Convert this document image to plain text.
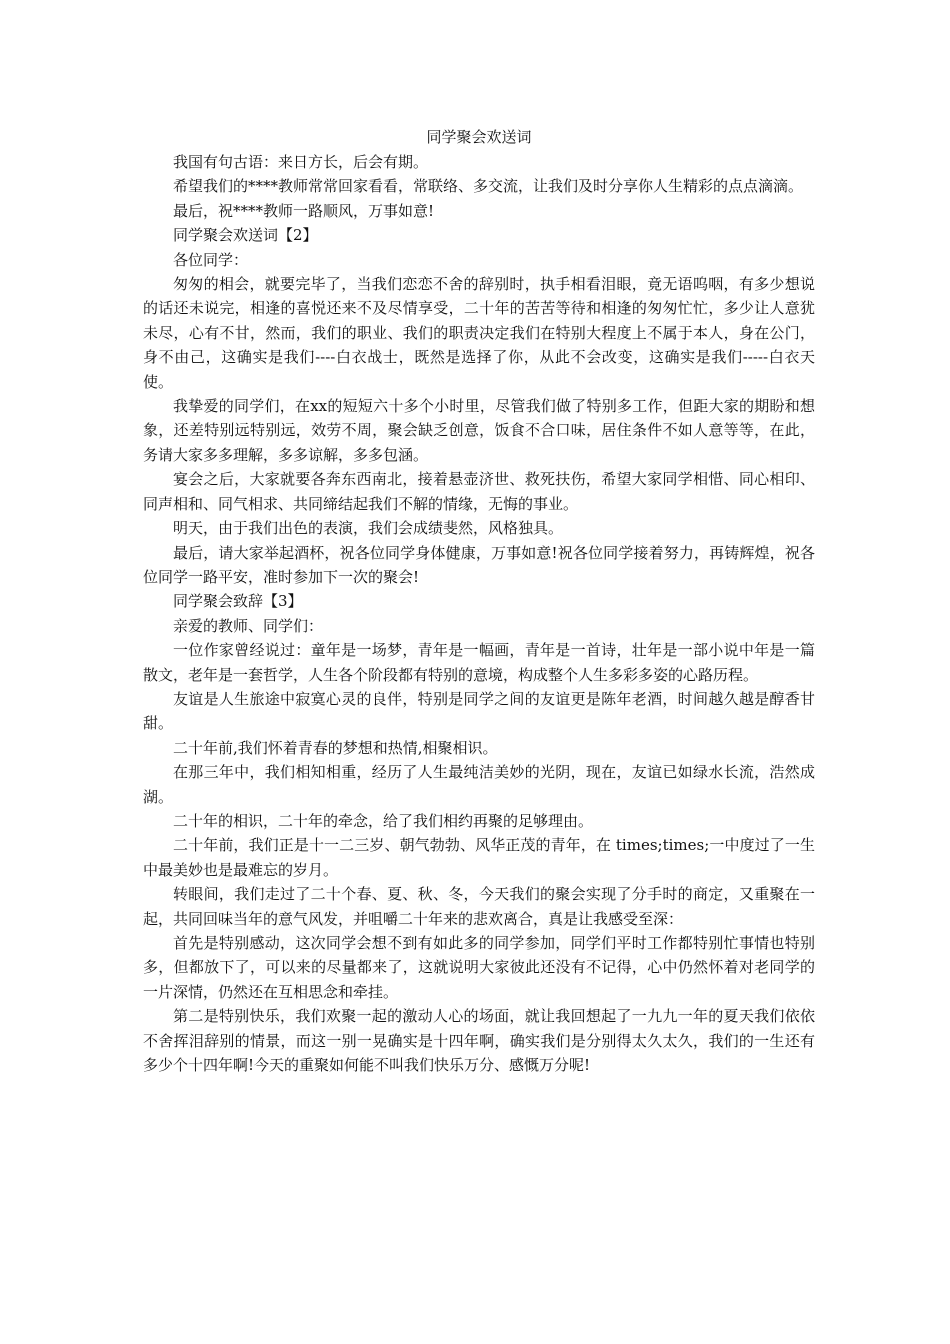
同学聚会欢送词

我国有句古语：来日方长，后会有期。

希望我们的****教师常常回家看看，常联络、多交流，让我们及时分享你人生精彩的点点滴滴。

最后，祝****教师一路顺风，万事如意!

同学聚会欢送词【2】

各位同学：

匆匆的相会，就要完毕了，当我们恋恋不舍的辞别时，执手相看泪眼，竟无语呜咽，有多少想说的话还未说完，相逢的喜悦还来不及尽情享受，二十年的苦苦等待和相逢的匆匆忙忙，多少让人意犹未尽，心有不甘，然而，我们的职业、我们的职责决定我们在特别大程度上不属于本人，身在公门，身不由己，这确实是我们----白衣战士，既然是选择了你，从此不会改变，这确实是我们-----白衣天使。

我挚爱的同学们，在xx的短短六十多个小时里，尽管我们做了特别多工作，但距大家的期盼和想象，还差特别远特别远，效劳不周，聚会缺乏创意，饭食不合口味，居住条件不如人意等等，在此，务请大家多多理解，多多谅解，多多包涵。

宴会之后，大家就要各奔东西南北，接着悬壶济世、救死扶伤，希望大家同学相惜、同心相印、同声相和、同气相求、共同缔结起我们不解的情缘，无悔的事业。

明天，由于我们出色的表演，我们会成绩斐然，风格独具。

最后，请大家举起酒杯，祝各位同学身体健康，万事如意!祝各位同学接着努力，再铸辉煌，祝各位同学一路平安，准时参加下一次的聚会!

同学聚会致辞【3】

亲爱的教师、同学们：

一位作家曾经说过：童年是一场梦，青年是一幅画，青年是一首诗，壮年是一部小说中年是一篇散文，老年是一套哲学，人生各个阶段都有特别的意境，构成整个人生多彩多姿的心路历程。

友谊是人生旅途中寂寞心灵的良伴，特别是同学之间的友谊更是陈年老酒，时间越久越是醇香甘甜。

二十年前,我们怀着青春的梦想和热情,相聚相识。

在那三年中，我们相知相重，经历了人生最纯洁美妙的光阴，现在，友谊已如绿水长流，浩然成湖。

二十年的相识，二十年的牵念，给了我们相约再聚的足够理由。

二十年前，我们正是十一二三岁、朝气勃勃、风华正茂的青年，在 times;times;一中度过了一生中最美妙也是最难忘的岁月。

转眼间，我们走过了二十个春、夏、秋、冬，今天我们的聚会实现了分手时的商定，又重聚在一起，共同回味当年的意气风发，并咀嚼二十年来的悲欢离合，真是让我感受至深：

首先是特别感动，这次同学会想不到有如此多的同学参加，同学们平时工作都特别忙事情也特别多，但都放下了，可以来的尽量都来了，这就说明大家彼此还没有不记得，心中仍然怀着对老同学的一片深情，仍然还在互相思念和牵挂。

第二是特别快乐，我们欢聚一起的激动人心的场面，就让我回想起了一九九一年的夏天我们依依不舍挥泪辞别的情景，而这一别一晃确实是十四年啊，确实我们是分别得太久太久，我们的一生还有多少个十四年啊!今天的重聚如何能不叫我们快乐万分、感慨万分呢!
